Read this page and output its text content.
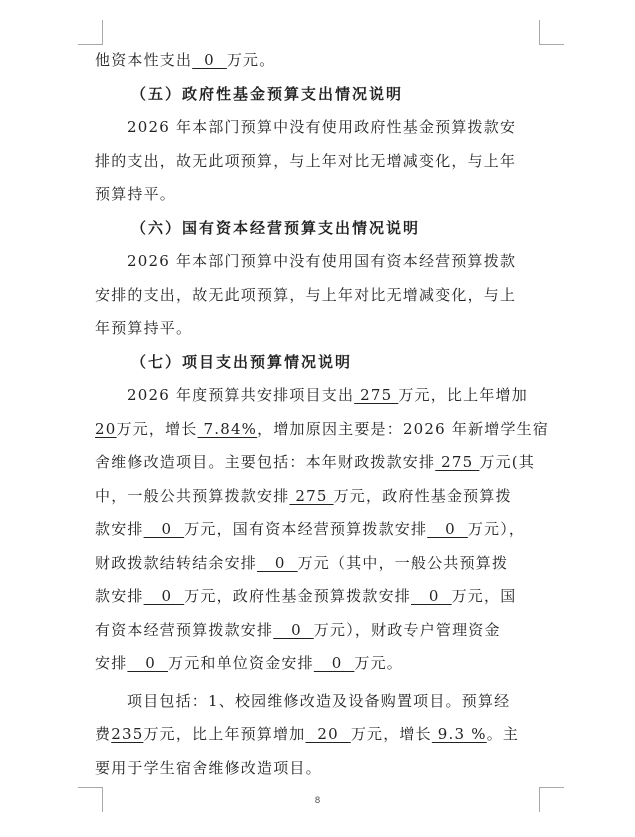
他资本性支出  0  万元。
（五）政府性基金预算支出情况说明
2026 年本部门预算中没有使用政府性基金预算拨款安
排的支出，故无此项预算，与上年对比无增减变化，与上年
预算持平。
（六）国有资本经营预算支出情况说明
2026 年本部门预算中没有使用国有资本经营预算拨款
安排的支出，故无此项预算，与上年对比无增减变化，与上
年预算持平。
（七）项目支出预算情况说明
2026 年度预算共安排项目支出 275 万元，比上年增加
20万元，增长 7.84%，增加原因主要是：2026 年新增学生宿
舍维修改造项目。主要包括：本年财政拨款安排 275 万元(其
中，一般公共预算拨款安排 275 万元，政府性基金预算拨
款安排   0  万元，国有资本经营预算拨款安排   0  万元），
财政拨款结转结余安排   0  万元（其中，一般公共预算拨
款安排   0  万元，政府性基金预算拨款安排   0  万元，国
有资本经营预算拨款安排   0  万元），财政专户管理资金
安排   0  万元和单位资金安排   0  万元。
项目包括：1、校园维修改造及设备购置项目。预算经
费235万元，比上年预算增加  20  万元，增长 9.3 %。主
要用于学生宿舍维修改造项目。
8
